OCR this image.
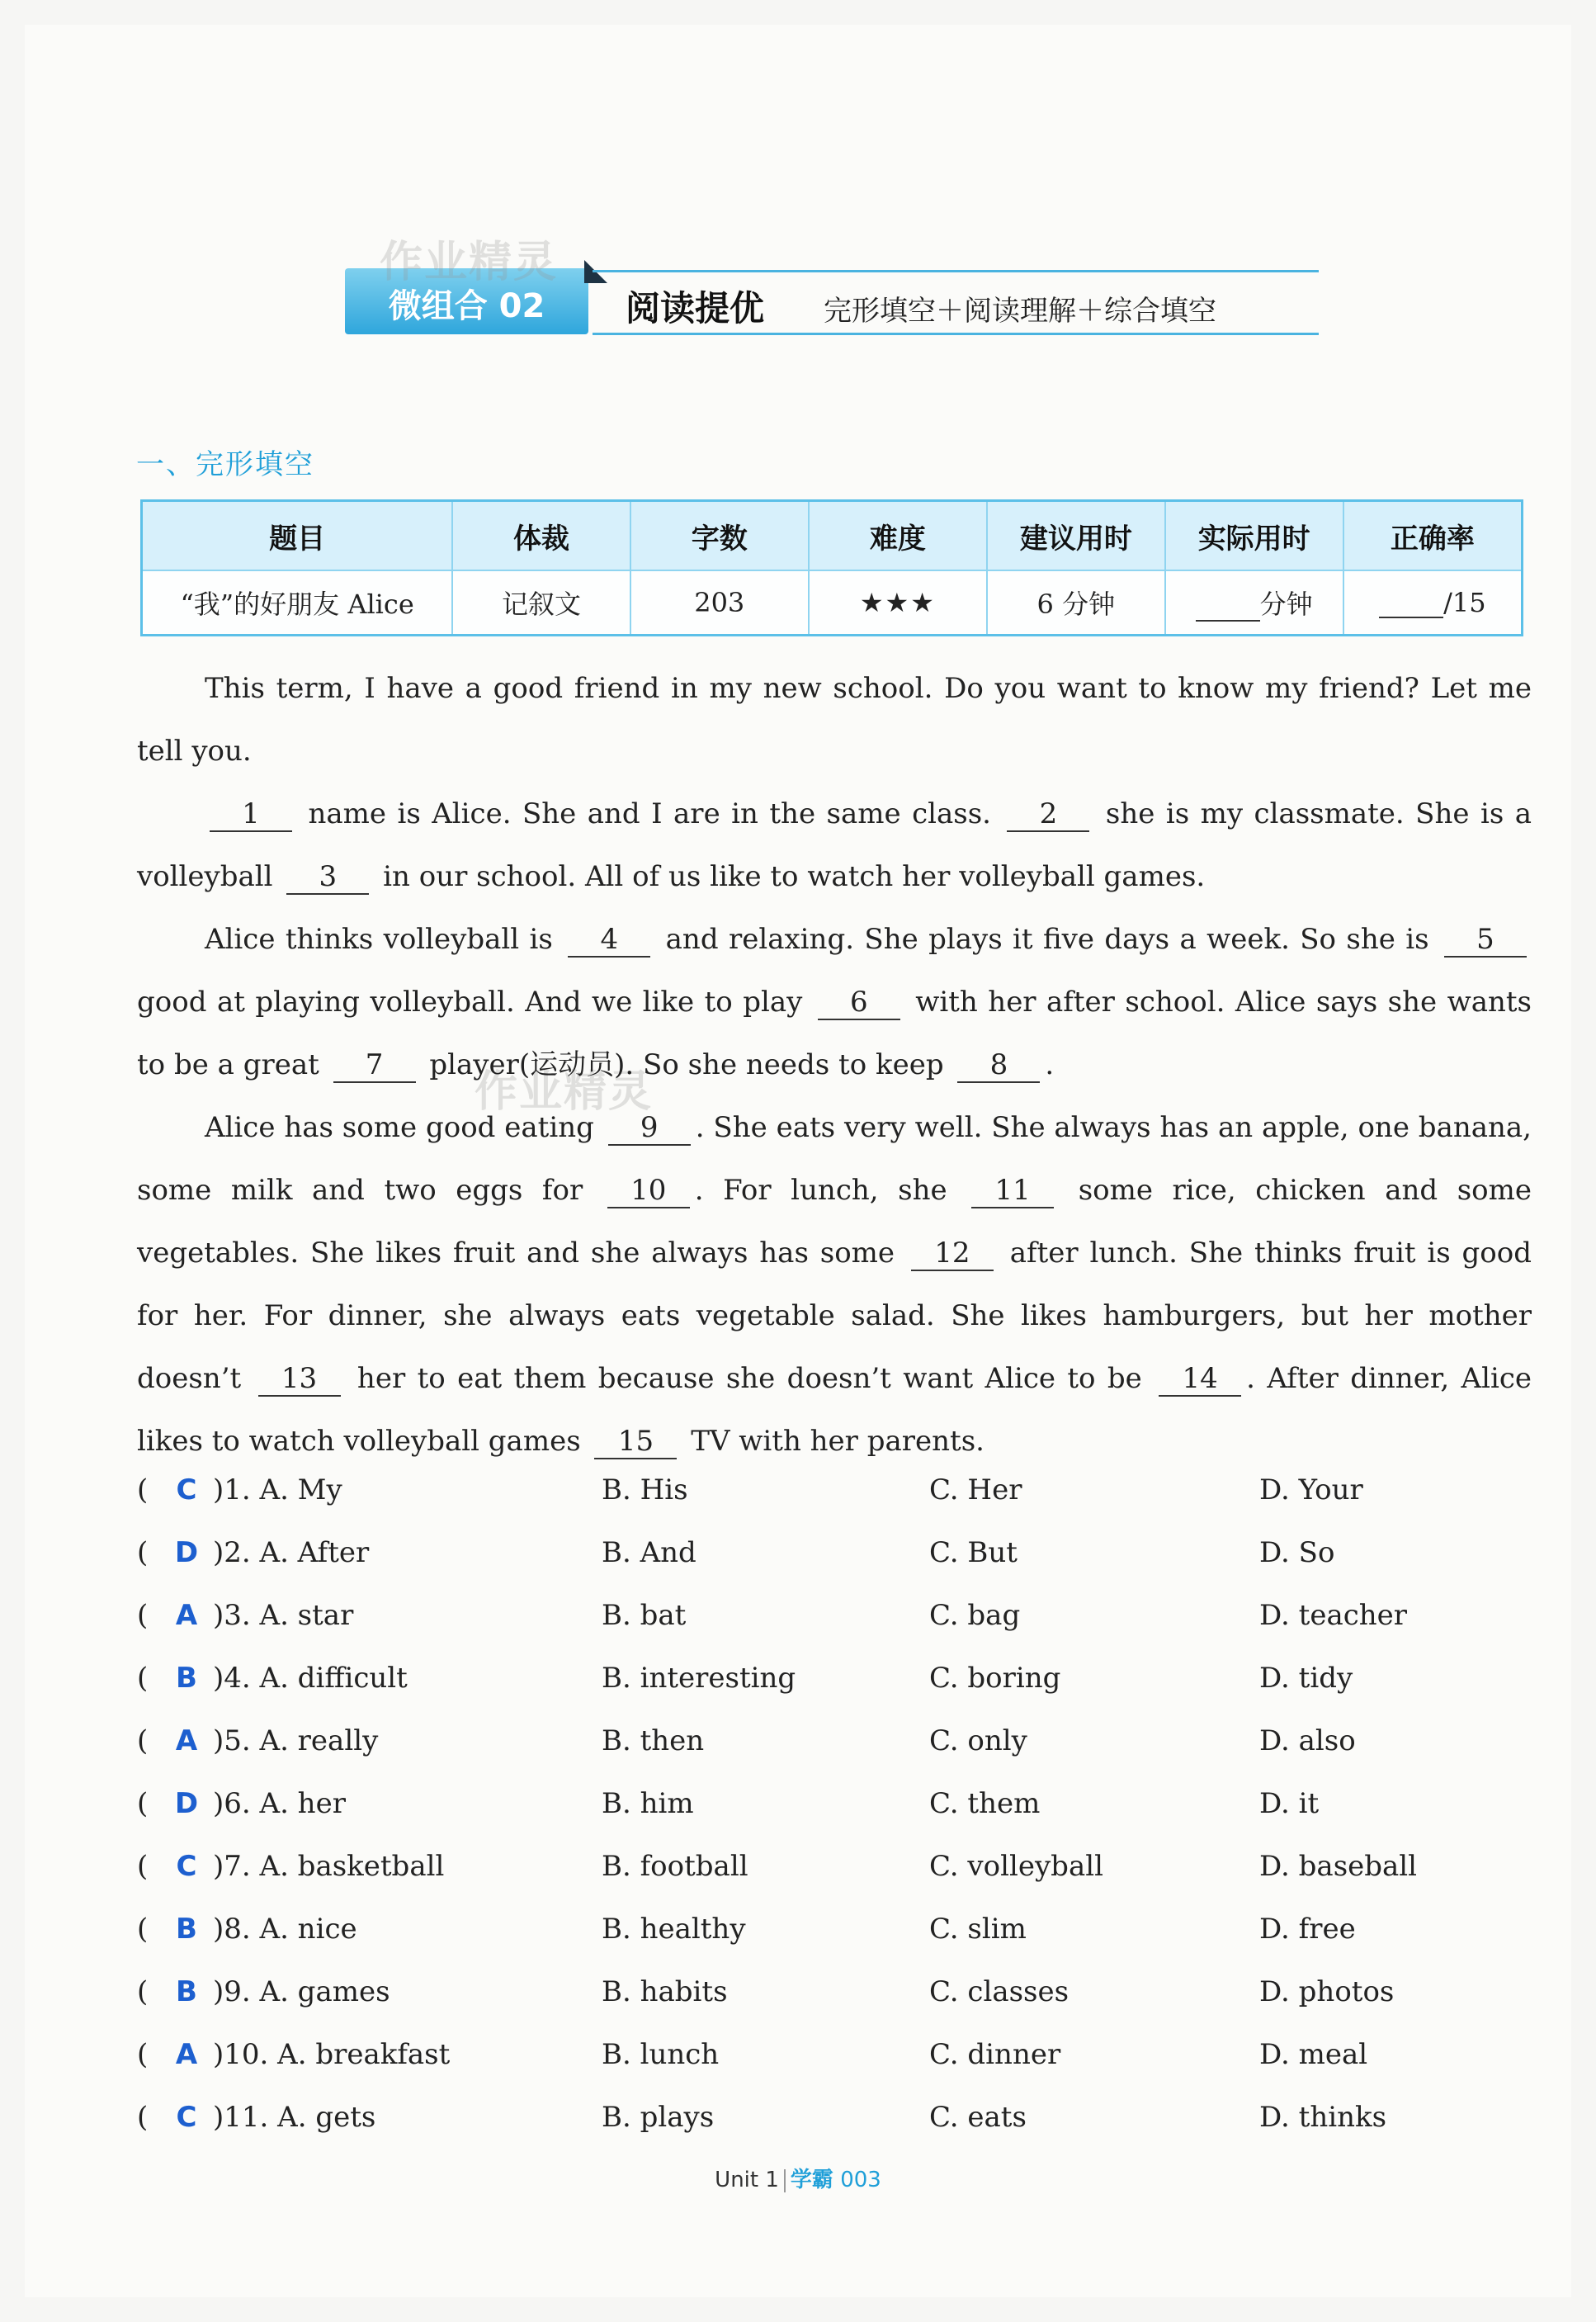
微组合 02	阅读提优 完形填空＋阅读理解＋综合填空
作业精灵
作业精灵
一、完形填空
题目	体裁	字数	难度	建议用时	实际用时	正确率
“我”的好朋友 Alice	记叙文	203	★★★	6 分钟	分钟	/15

This term, I have a good friend in my new school. Do you want to know my friend? Let me tell you.

1 name is Alice. She and I are in the same class. 2 she is my classmate. She is a volleyball 3 in our school. All of us like to watch her volleyball games.

Alice thinks volleyball is 4 and relaxing. She plays it five days a week. So she is 5 good at playing volleyball. And we like to play 6 with her after school. Alice says she wants to be a great 7 player(运动员). So she needs to keep 8 .

Alice has some good eating 9 . She eats very well. She always has an apple, one banana, some milk and two eggs for 10 . For lunch, she 11 some rice, chicken and some vegetables. She likes fruit and she always has some 12 after lunch. She thinks fruit is good for her. For dinner, she always eats vegetable salad. She likes hamburgers, but her mother doesn’t 13 her to eat them because she doesn’t want Alice to be 14 . After dinner, Alice likes to watch volleyball games 15 TV with her parents.

( C )1. A. My	B. His	C. Her	D. Your
( D )2. A. After	B. And	C. But	D. So
( A )3. A. star	B. bat	C. bag	D. teacher
( B )4. A. difficult	B. interesting	C. boring	D. tidy
( A )5. A. really	B. then	C. only	D. also
( D )6. A. her	B. him	C. them	D. it
( C )7. A. basketball	B. football	C. volleyball	D. baseball
( B )8. A. nice	B. healthy	C. slim	D. free
( B )9. A. games	B. habits	C. classes	D. photos
( A )10. A. breakfast	B. lunch	C. dinner	D. meal
( C )11. A. gets	B. plays	C. eats	D. thinks
Unit 1 学霸 003
